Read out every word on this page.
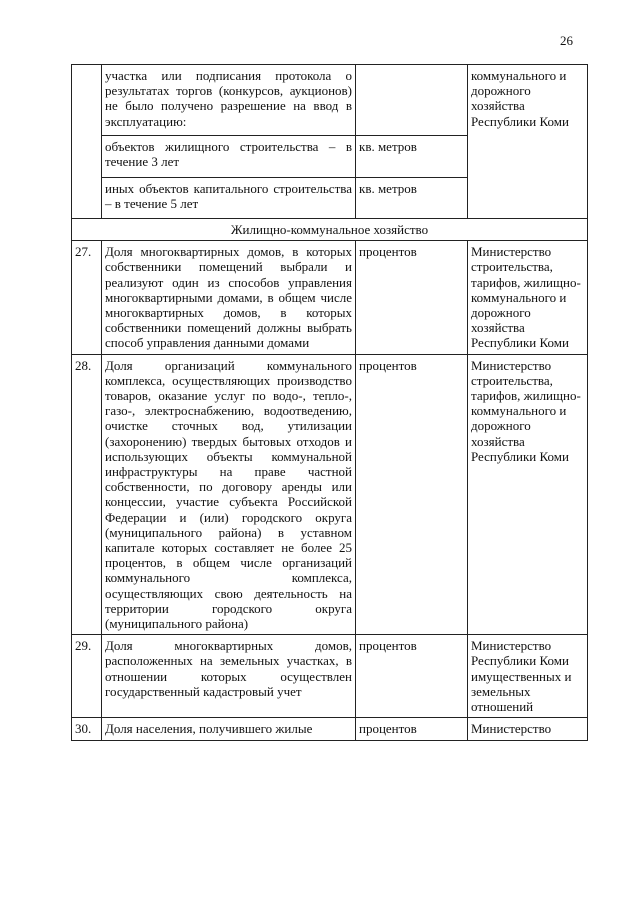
26
	участка или подписания протокола о результатах торгов (конкурсов, аукционов) не было получено разрешение на ввод в эксплуатацию:		коммунального и дорожного хозяйства Республики Коми
	объектов жилищного строительства – в течение 3 лет	кв. метров	
	иных объектов капитального строительства – в течение 5 лет	кв. метров	
Жилищно-коммунальное хозяйство			
27.	Доля многоквартирных домов, в которых собственники помещений выбрали и реализуют один из способов управления многоквартирными домами, в общем числе многоквартирных домов, в которых собственники помещений должны выбрать способ управления данными домами	процентов	Министерство строительства, тарифов, жилищно-коммунального и дорожного хозяйства Республики Коми
28.	Доля организаций коммунального комплекса, осуществляющих производство товаров, оказание услуг по водо-, тепло-, газо-, электроснабжению, водоотведению, очистке сточных вод, утилизации (захоронению) твердых бытовых отходов и использующих объекты коммунальной инфраструктуры на праве частной собственности, по договору аренды или концессии, участие субъекта Российской Федерации и (или) городского округа (муниципального района) в уставном капитале которых составляет не более 25 процентов, в общем числе организаций коммунального комплекса, осуществляющих свою деятельность на территории городского округа (муниципального района)	процентов	Министерство строительства, тарифов, жилищно-коммунального и дорожного хозяйства Республики Коми
29.	Доля многоквартирных домов, расположенных на земельных участках, в отношении которых осуществлен государственный кадастровый учет	процентов	Министерство Республики Коми имущественных и земельных отношений
30.	Доля населения, получившего жилые	процентов	Министерство
